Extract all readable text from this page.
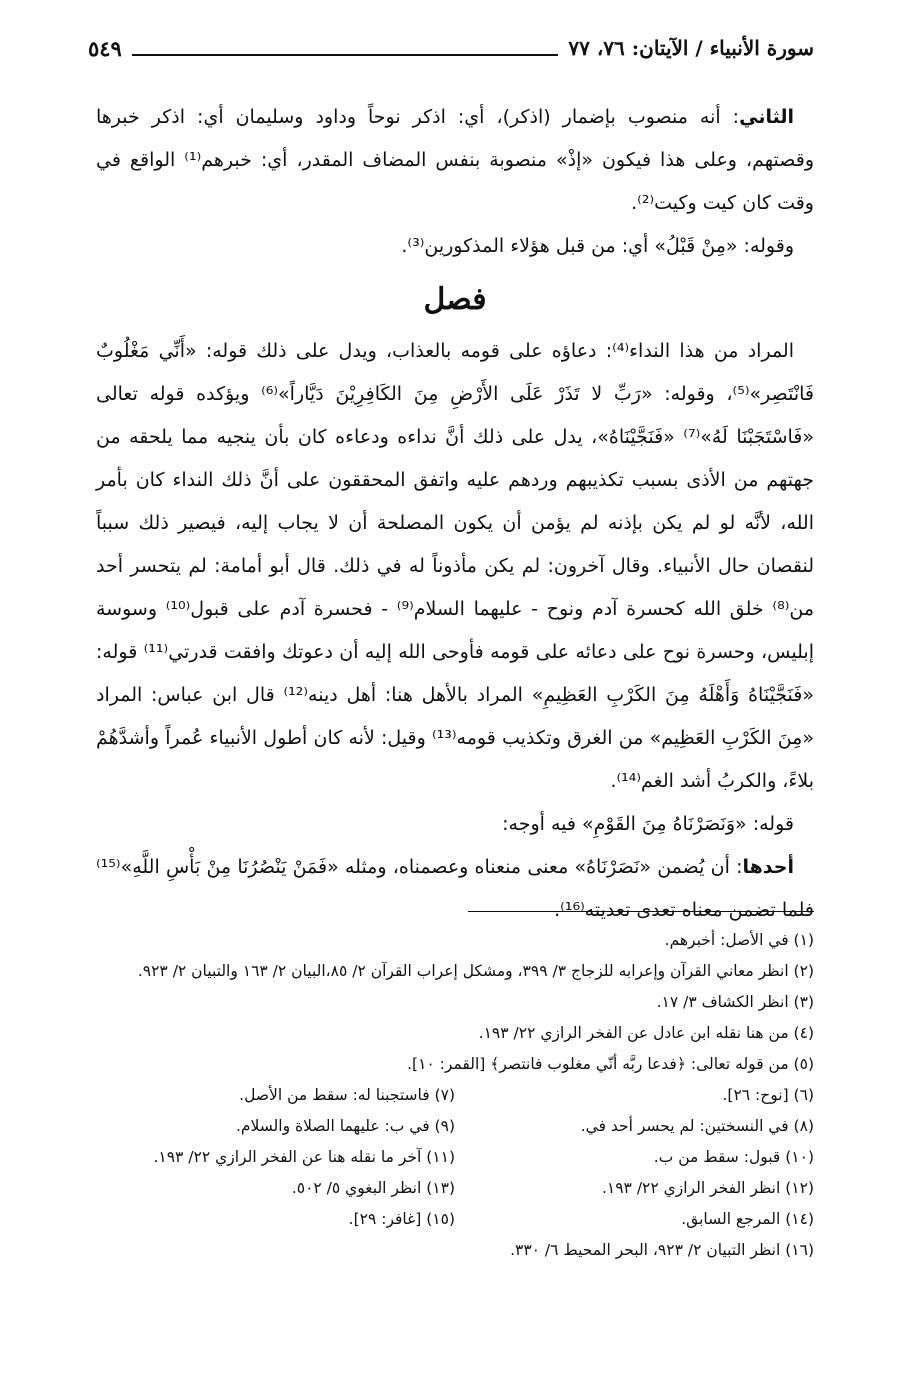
سورة الأنبياء / الآيتان: ٧٦، ٧٧
٥٤٩

الثاني: أنه منصوب بإضمار (اذكر)، أي: اذكر نوحاً وداود وسليمان أي: اذكر خبرها وقصتهم، وعلى هذا فيكون «إذْ» منصوبة بنفس المضاف المقدر، أي: خبرهم⁽¹⁾ الواقع في وقت كان كيت وكيت⁽²⁾.

وقوله: «مِنْ قَبْلُ» أي: من قبل هؤلاء المذكورين⁽³⁾.

فصل

المراد من هذا النداء⁽⁴⁾: دعاؤه على قومه بالعذاب، ويدل على ذلك قوله: «أَنِّي مَغْلُوبٌ فَانْتَصِر»⁽⁵⁾، وقوله: «رَبِّ لا تَذَرْ عَلَى الأَرْضِ مِنَ الكَافِرِيْنَ دَيَّاراً»⁽⁶⁾ ويؤكده قوله تعالى «فَاسْتَجَبْنَا لَهُ»⁽⁷⁾ «فَنَجَّيْنَاهُ»، يدل على ذلك أنَّ نداءه ودعاءه كان بأن ينجيه مما يلحقه من جهتهم من الأذى بسبب تكذيبهم وردهم عليه واتفق المحققون على أنَّ ذلك النداء كان بأمر الله، لأنَّه لو لم يكن بإذنه لم يؤمن أن يكون المصلحة أن لا يجاب إليه، فيصير ذلك سبباً لنقصان حال الأنبياء. وقال آخرون: لم يكن مأذوناً له في ذلك. قال أبو أمامة: لم يتحسر أحد من⁽⁸⁾ خلق الله كحسرة آدم ونوح - عليهما السلام⁽⁹⁾ - فحسرة آدم على قبول⁽¹⁰⁾ وسوسة إبليس، وحسرة نوح على دعائه على قومه فأوحى الله إليه أن دعوتك وافقت قدرتي⁽¹¹⁾ قوله: «فَنَجَّيْنَاهُ وَأَهْلَهُ مِنَ الكَرْبِ العَظِيمِ» المراد بالأهل هنا: أهل دينه⁽¹²⁾ قال ابن عباس: المراد «مِنَ الكَرْبِ العَظِيم» من الغرق وتكذيب قومه⁽¹³⁾ وقيل: لأنه كان أطول الأنبياء عُمراً وأشدَّهُمْ بلاءً، والكربُ أشد الغم⁽¹⁴⁾.

قوله: «وَنَصَرْنَاهُ مِنَ القَوْمِ» فيه أوجه:

أحدها: أن يُضمن «نَصَرْنَاهُ» معنى منعناه وعصمناه، ومثله «فَمَنْ يَنْصُرُنَا مِنْ بَأْسِ اللَّهِ»⁽¹⁵⁾ فلما تضمن معناه تعدى تعديته⁽¹⁶⁾.

(١) في الأصل: أخبرهم.

(٢) انظر معاني القرآن وإعرابه للزجاج ٣/ ٣٩٩، ومشكل إعراب القرآن ٢/ ٨٥،البيان ٢/ ١٦٣ والتبيان ٢/ ٩٢٣.

(٣) انظر الكشاف ٣/ ١٧.

(٤) من هنا نقله ابن عادل عن الفخر الرازي ٢٢/ ١٩٣.

(٥) من قوله تعالى: ﴿فدعا ربَّه أنّي مغلوب فانتصر﴾ [القمر: ١٠].

(٦) [نوح: ٢٦].

(٧) فاستجبنا له: سقط من الأصل.

(٨) في النسختين: لم يحسر أحد في.

(٩) في ب: عليهما الصلاة والسلام.

(١٠) قبول: سقط من ب.

(١١) آخر ما نقله هنا عن الفخر الرازي ٢٢/ ١٩٣.

(١٢) انظر الفخر الرازي ٢٢/ ١٩٣.

(١٣) انظر البغوي ٥/ ٥٠٢.

(١٤) المرجع السابق.

(١٥) [غافر: ٢٩].

(١٦) انظر التبيان ٢/ ٩٢٣، البحر المحيط ٦/ ٣٣٠.
